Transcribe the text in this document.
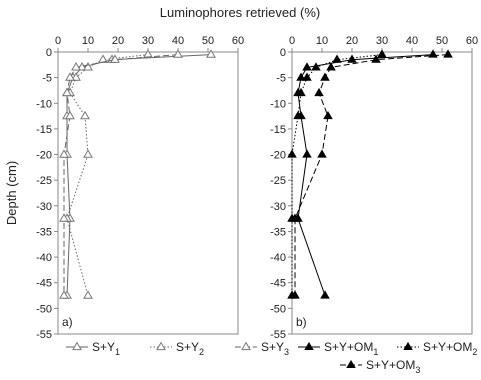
0 10 20 30 40 50 60
0
-5
-10
-15
-20
-25
-30
-35
-40
-45
-50
-55
a)
$S+Y_1$	$S+Y_2$	$S+Y_3$
0 10 20 30 40 50 60
0
-5
-10
-15
-20
-25
-30
-35
-40
-45
-50
-55
b)
$S+Y+OM_1$	$S+Y+OM_2$
$S+Y+OM_3$
Luminophores retrieved (%)
Depth (cm)
